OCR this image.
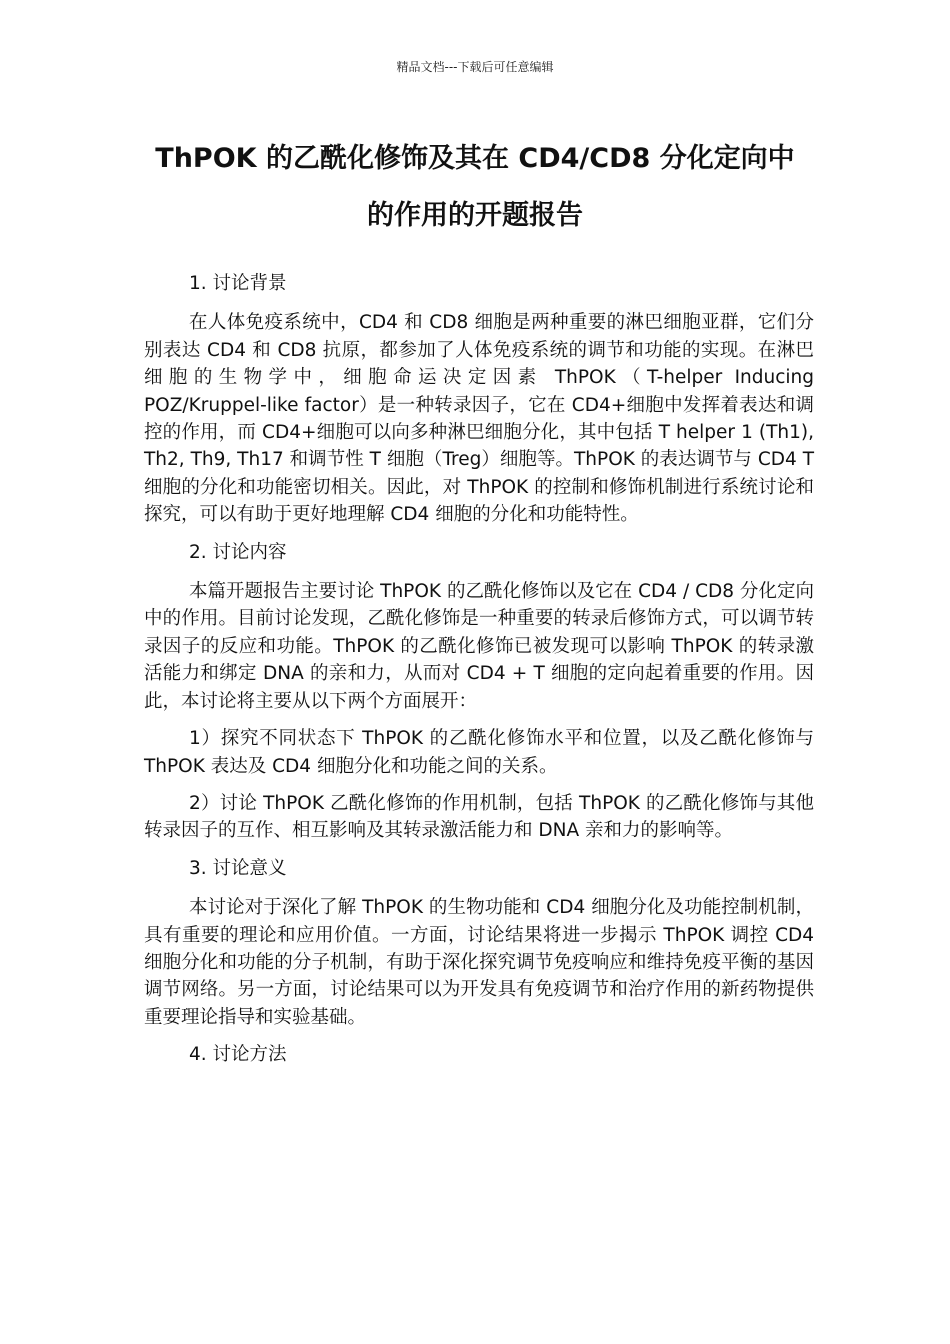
精品文档---下载后可任意编辑
ThPOK 的乙酰化修饰及其在 CD4/CD8 分化定向中
的作用的开题报告
1. 讨论背景

在人体免疫系统中，CD4 和 CD8 细胞是两种重要的淋巴细胞亚群，它们分别表达 CD4 和 CD8 抗原，都参加了人体免疫系统的调节和功能的实现。在淋巴细胞的生物学中，细胞命运决定因素 ThPOK（T-helper Inducing POZ/Kruppel-like factor）是一种转录因子，它在 CD4+细胞中发挥着表达和调控的作用，而 CD4+细胞可以向多种淋巴细胞分化，其中包括 T helper 1 (Th1), Th2, Th9, Th17 和调节性 T 细胞（Treg）细胞等。ThPOK 的表达调节与 CD4 T 细胞的分化和功能密切相关。因此，对 ThPOK 的控制和修饰机制进行系统讨论和探究，可以有助于更好地理解 CD4 细胞的分化和功能特性。

2. 讨论内容

本篇开题报告主要讨论 ThPOK 的乙酰化修饰以及它在 CD4 / CD8 分化定向中的作用。目前讨论发现，乙酰化修饰是一种重要的转录后修饰方式，可以调节转录因子的反应和功能。ThPOK 的乙酰化修饰已被发现可以影响 ThPOK 的转录激活能力和绑定 DNA 的亲和力，从而对 CD4 + T 细胞的定向起着重要的作用。因此，本讨论将主要从以下两个方面展开：

1）探究不同状态下 ThPOK 的乙酰化修饰水平和位置，以及乙酰化修饰与 ThPOK 表达及 CD4 细胞分化和功能之间的关系。

2）讨论 ThPOK 乙酰化修饰的作用机制，包括 ThPOK 的乙酰化修饰与其他转录因子的互作、相互影响及其转录激活能力和 DNA 亲和力的影响等。

3. 讨论意义

本讨论对于深化了解 ThPOK 的生物功能和 CD4 细胞分化及功能控制机制，具有重要的理论和应用价值。一方面，讨论结果将进一步揭示 ThPOK 调控 CD4 细胞分化和功能的分子机制，有助于深化探究调节免疫响应和维持免疫平衡的基因调节网络。另一方面，讨论结果可以为开发具有免疫调节和治疗作用的新药物提供重要理论指导和实验基础。

4. 讨论方法
